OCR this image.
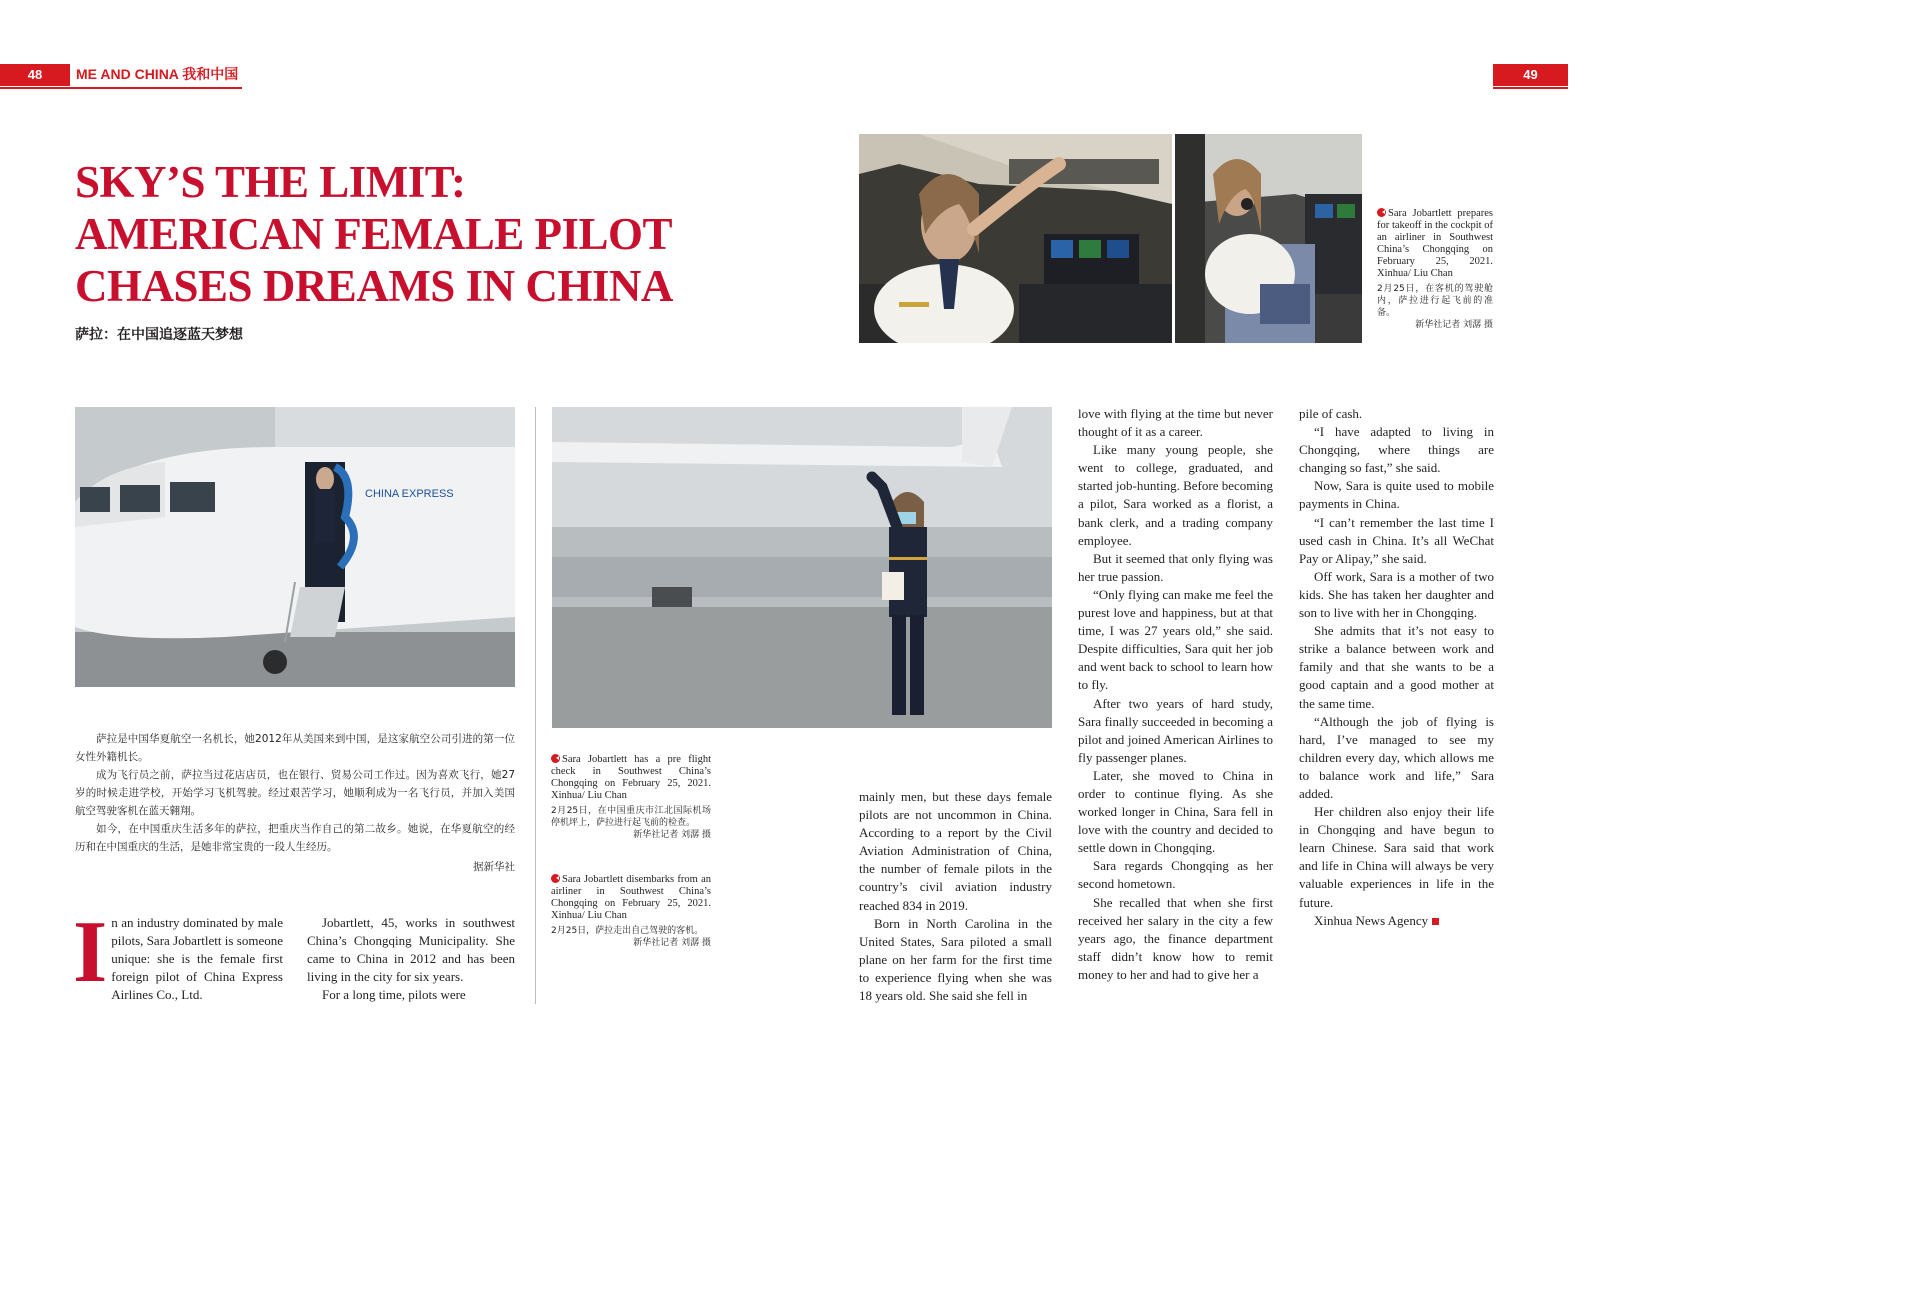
48	ME AND CHINA 我和中国	49
SKY’S THE LIMIT:
AMERICAN FEMALE PILOT
CHASES DREAMS IN CHINA
萨拉：在中国追逐蓝天梦想
Sara Jobartlett prepares for takeoff in the cockpit of an airliner in Southwest China’s Chongqing on February 25, 2021. Xinhua/ Liu Chan
2月25日，在客机的驾驶舱内，萨拉进行起飞前的准备。
新华社记者 刘潺 摄
CHINA EXPRESS
Sara Jobartlett has a pre flight check in Southwest China’s Chongqing on February 25, 2021. Xinhua/ Liu Chan
2月25日，在中国重庆市江北国际机场停机坪上，萨拉进行起飞前的检查。
新华社记者 刘潺 摄
Sara Jobartlett disembarks from an airliner in Southwest China’s Chongqing on February 25, 2021. Xinhua/ Liu Chan
2月25日，萨拉走出自己驾驶的客机。
新华社记者 刘潺 摄

萨拉是中国华夏航空一名机长，她2012年从美国来到中国，是这家航空公司引进的第一位女性外籍机长。

成为飞行员之前，萨拉当过花店店员，也在银行、贸易公司工作过。因为喜欢飞行，她27岁的时候走进学校，开始学习飞机驾驶。经过艰苦学习，她顺利成为一名飞行员，并加入美国航空驾驶客机在蓝天翱翔。

如今，在中国重庆生活多年的萨拉，把重庆当作自己的第二故乡。她说，在华夏航空的经历和在中国重庆的生活，是她非常宝贵的一段人生经历。

据新华社

In an industry dominated by male pilots, Sara Jobartlett is someone unique: she is the female first foreign pilot of China Express Airlines Co., Ltd.

Jobartlett, 45, works in southwest China’s Chongqing Municipality. She came to China in 2012 and has been living in the city for six years.

For a long time, pilots were

mainly men, but these days female pilots are not uncommon in China. According to a report by the Civil Aviation Administration of China, the number of female pilots in the country’s civil aviation industry reached 834 in 2019.

Born in North Carolina in the United States, Sara piloted a small plane on her farm for the first time to experience flying when she was 18 years old. She said she fell in

love with flying at the time but never thought of it as a career.

Like many young people, she went to college, graduated, and started job-hunting. Before becoming a pilot, Sara worked as a florist, a bank clerk, and a trading company employee.

But it seemed that only flying was her true passion.

“Only flying can make me feel the purest love and happiness, but at that time, I was 27 years old,” she said. Despite difficulties, Sara quit her job and went back to school to learn how to fly.

After two years of hard study, Sara finally succeeded in becoming a pilot and joined American Airlines to fly passenger planes.

Later, she moved to China in order to continue flying. As she worked longer in China, Sara fell in love with the country and decided to settle down in Chongqing.

Sara regards Chongqing as her second hometown.

She recalled that when she first received her salary in the city a few years ago, the finance department staff didn’t know how to remit money to her and had to give her a

pile of cash.

“I have adapted to living in Chongqing, where things are changing so fast,” she said.

Now, Sara is quite used to mobile payments in China.

“I can’t remember the last time I used cash in China. It’s all WeChat Pay or Alipay,” she said.

Off work, Sara is a mother of two kids. She has taken her daughter and son to live with her in Chongqing.

She admits that it’s not easy to strike a balance between work and family and that she wants to be a good captain and a good mother at the same time.

“Although the job of flying is hard, I’ve managed to see my children every day, which allows me to balance work and life,” Sara added.

Her children also enjoy their life in Chongqing and have begun to learn Chinese. Sara said that work and life in China will always be very valuable experiences in life in the future.

Xinhua News Agency
